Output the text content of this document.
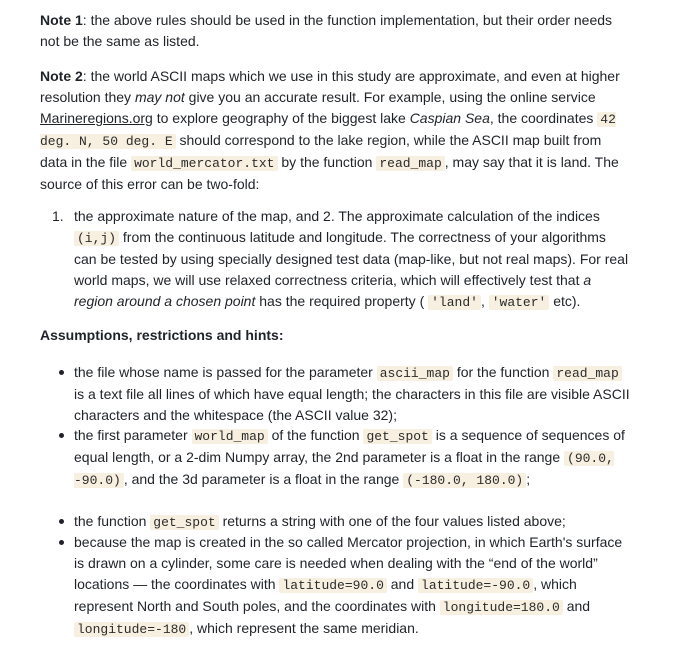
Note 1: the above rules should be used in the function implementation, but their order needs not be the same as listed.

Note 2: the world ASCII maps which we use in this study are approximate, and even at higher resolution they may not give you an accurate result. For example, using the online service Marineregions.org to explore geography of the biggest lake Caspian Sea, the coordinates 42 deg. N, 50 deg. E should correspond to the lake region, while the ASCII map built from data in the file world_mercator.txt by the function read_map , may say that it is land. The source of this error can be two-fold:

1. the approximate nature of the map, and 2. The approximate calculation of the indices (i,j) from the continuous latitude and longitude. The correctness of your algorithms can be tested by using specially designed test data (map-like, but not real maps). For real world maps, we will use relaxed correctness criteria, which will effectively test that a region around a chosen point has the required property ( 'land' , 'water' etc).

Assumptions, restrictions and hints:

the file whose name is passed for the parameter ascii_map for the function read_map is a text file all lines of which have equal length; the characters in this file are visible ASCII characters and the whitespace (the ASCII value 32);
the first parameter world_map of the function get_spot is a sequence of sequences of equal length, or a 2-dim Numpy array, the 2nd parameter is a float in the range (90.0, -90.0) , and the 3d parameter is a float in the range (-180.0, 180.0) ;
the function get_spot returns a string with one of the four values listed above;
because the map is created in the so called Mercator projection, in which Earth's surface is drawn on a cylinder, some care is needed when dealing with the “end of the world” locations — the coordinates with latitude=90.0 and latitude=-90.0 , which represent North and South poles, and the coordinates with longitude=180.0 and longitude=-180 , which represent the same meridian.
